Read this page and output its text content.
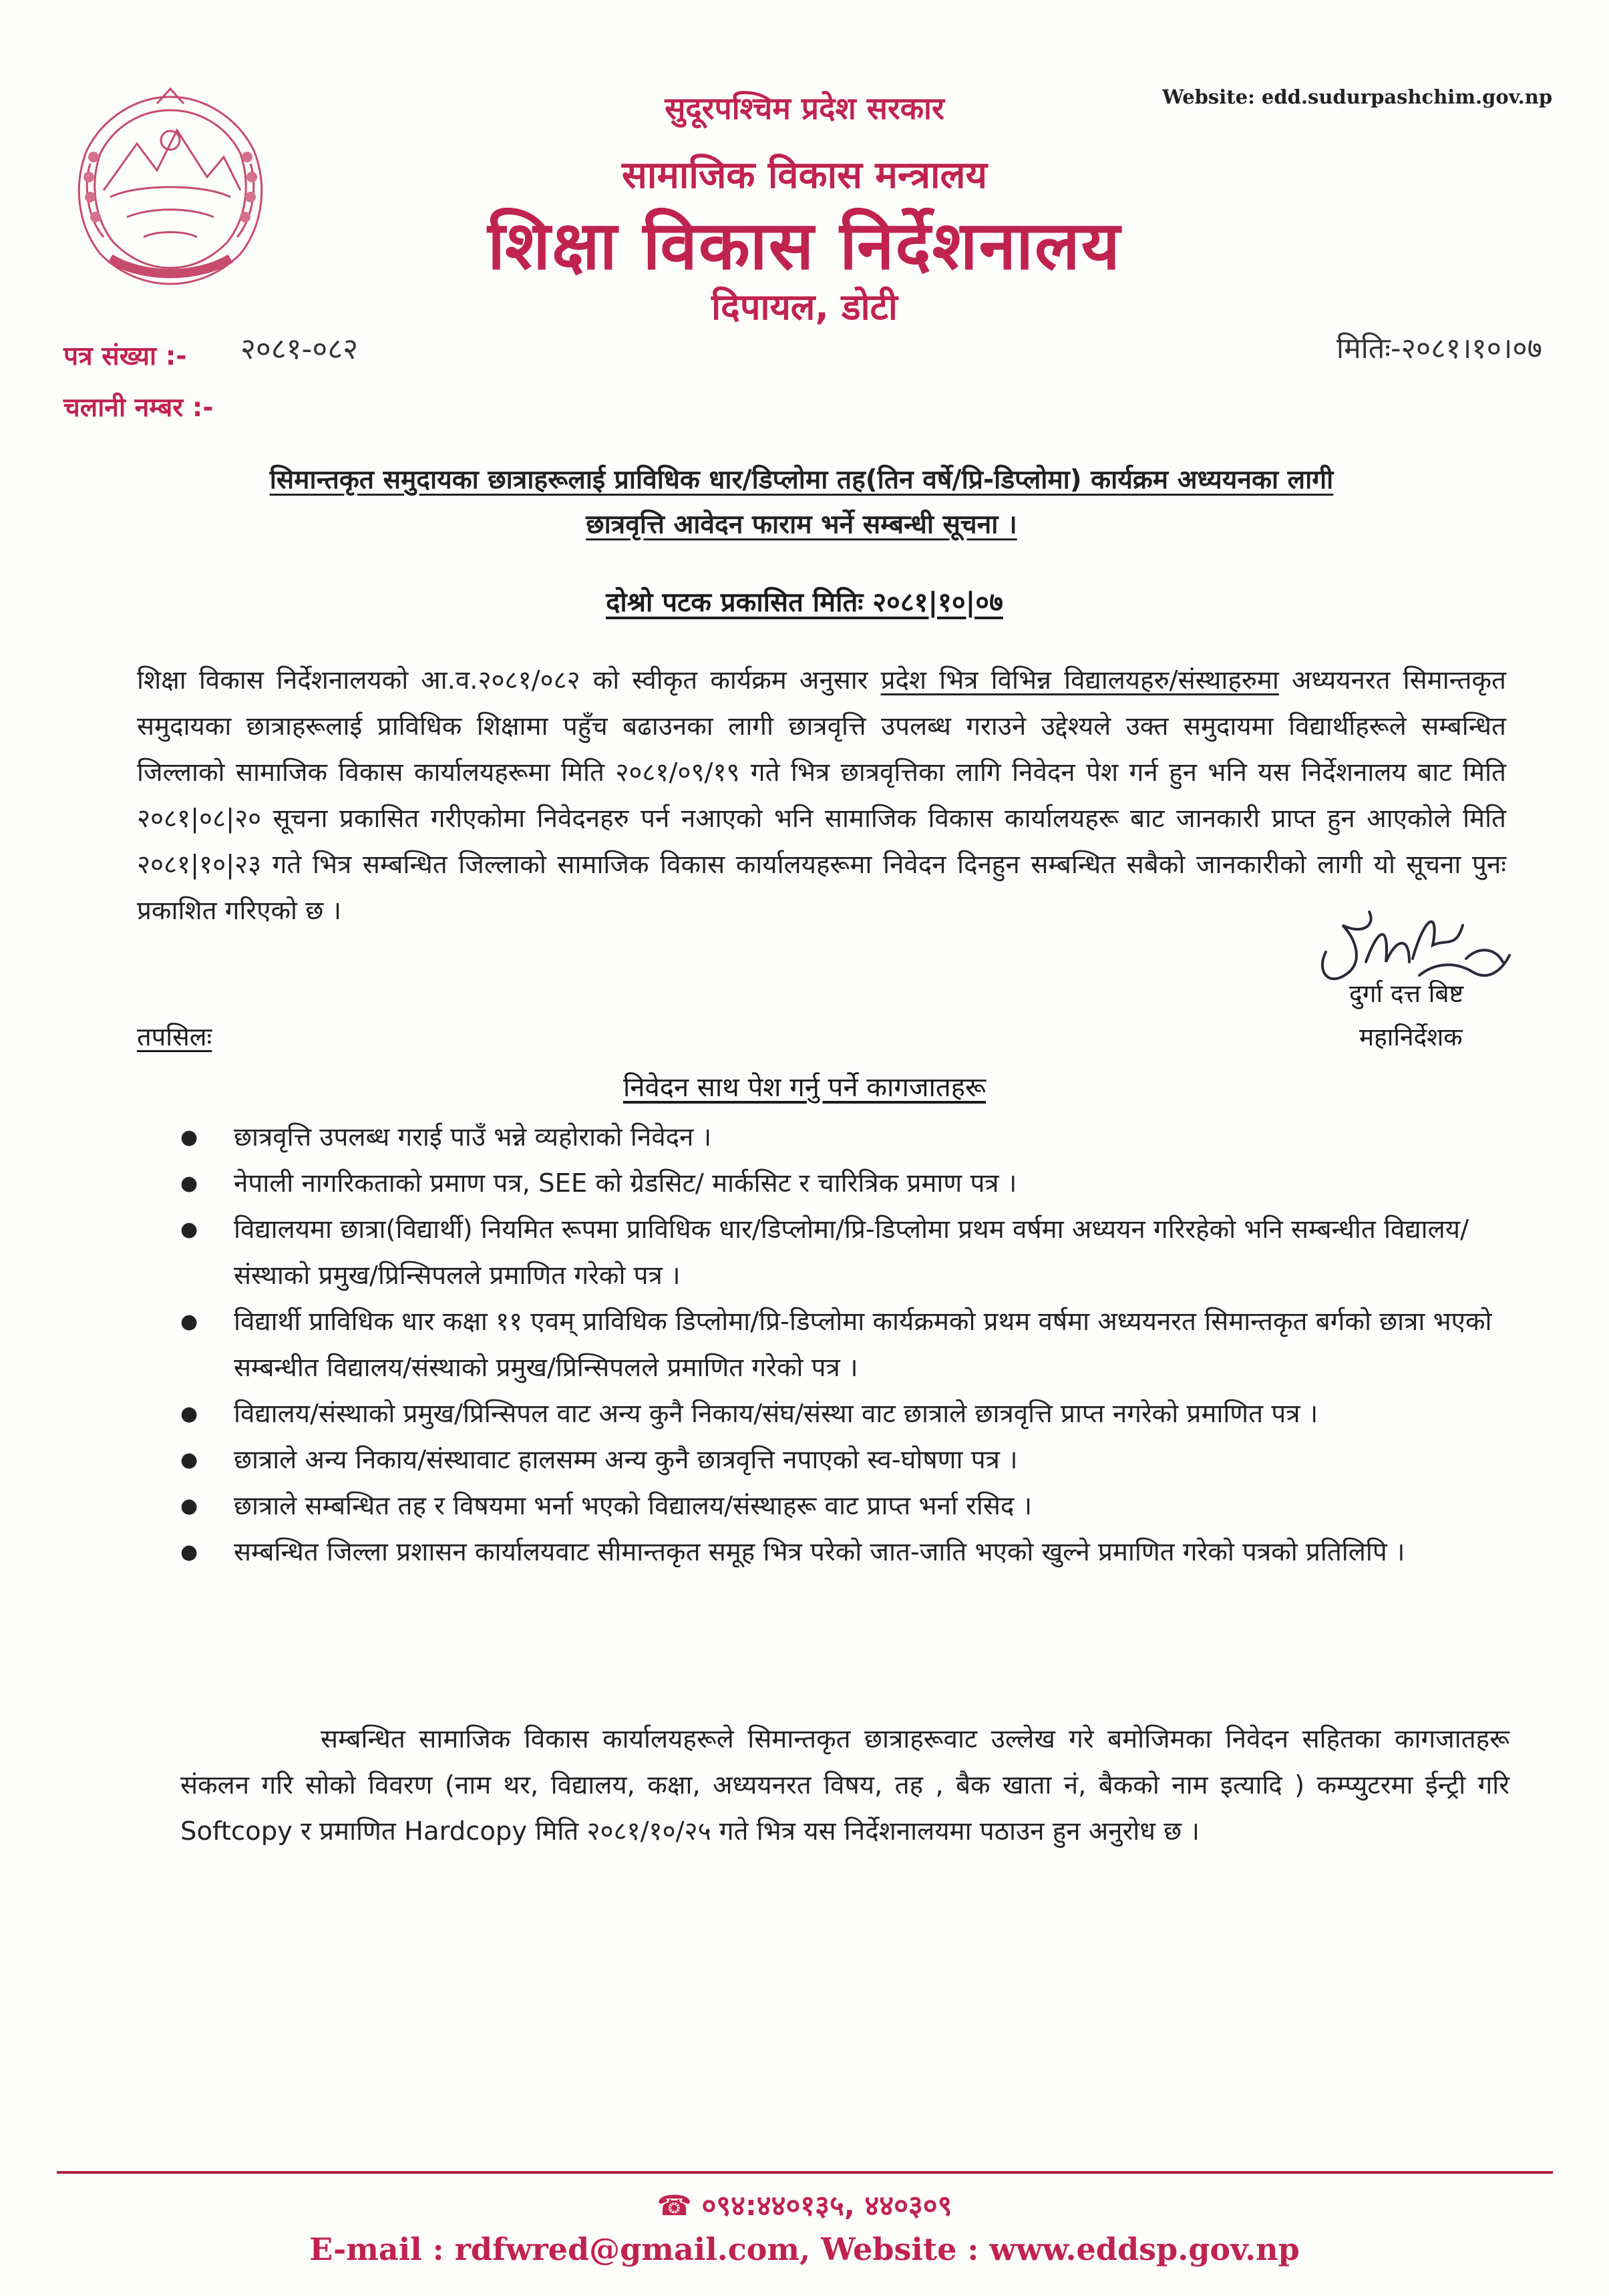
Website: edd.sudurpashchim.gov.np
सुदूरपश्चिम प्रदेश सरकार
सामाजिक विकास मन्त्रालय
शिक्षा विकास निर्देशनालय
दिपायल, डोटी
पत्र संख्या :- २०८१-०८२
चलानी नम्बर :-
मितिः-२०८१।१०।०७
सिमान्तकृत समुदायका छात्राहरूलाई प्राविधिक धार/डिप्लोमा तह(तिन वर्षे/प्रि-डिप्लोमा) कार्यक्रम अध्ययनका लागी
छात्रवृत्ति आवेदन फाराम भर्ने सम्बन्धी सूचना ।
दोश्रो पटक प्रकासित मितिः २०८१|१०|०७

शिक्षा विकास निर्देशनालयको आ.व.२०८१/०८२ को स्वीकृत कार्यक्रम अनुसार प्रदेश भित्र विभिन्न विद्यालयहरु/संस्थाहरुमा अध्ययनरत सिमान्तकृत समुदायका छात्राहरूलाई प्राविधिक शिक्षामा पहुँच बढाउनका लागी छात्रवृत्ति उपलब्ध गराउने उद्देश्यले उक्त समुदायमा विद्यार्थीहरूले सम्बन्धित जिल्लाको सामाजिक विकास कार्यालयहरूमा मिति २०८१/०९/१९ गते भित्र छात्रवृत्तिका लागि निवेदन पेश गर्न हुन भनि यस निर्देशनालय बाट मिति २०८१|०८|२० सूचना प्रकासित गरीएकोमा निवेदनहरु पर्न नआएको भनि सामाजिक विकास कार्यालयहरू बाट जानकारी प्राप्त हुन आएकोले मिति २०८१|१०|२३ गते भित्र सम्बन्धित जिल्लाको सामाजिक विकास कार्यालयहरूमा निवेदन दिनहुन सम्बन्धित सबैको जानकारीको लागी यो सूचना पुनः प्रकाशित गरिएको छ ।

दुर्गा दत्त बिष्ट
महानिर्देशक
तपसिलः
निवेदन साथ पेश गर्नु पर्ने कागजातहरू
● छात्रवृत्ति उपलब्ध गराई पाउँ भन्ने व्यहोराको निवेदन ।
● नेपाली नागरिकताको प्रमाण पत्र, SEE को ग्रेडसिट/ मार्कसिट र चारित्रिक प्रमाण पत्र ।
● विद्यालयमा छात्रा(विद्यार्थी) नियमित रूपमा प्राविधिक धार/डिप्लोमा/प्रि-डिप्लोमा प्रथम वर्षमा अध्ययन गरिरहेको भनि सम्बन्धीत विद्यालय/संस्थाको प्रमुख/प्रिन्सिपलले प्रमाणित गरेको पत्र ।
● विद्यार्थी प्राविधिक धार कक्षा ११ एवम् प्राविधिक डिप्लोमा/प्रि-डिप्लोमा कार्यक्रमको प्रथम वर्षमा अध्ययनरत सिमान्तकृत बर्गको छात्रा भएको सम्बन्धीत विद्यालय/संस्थाको प्रमुख/प्रिन्सिपलले प्रमाणित गरेको पत्र ।
● विद्यालय/संस्थाको प्रमुख/प्रिन्सिपल वाट अन्य कुनै निकाय/संघ/संस्था वाट छात्राले छात्रवृत्ति प्राप्त नगरेको प्रमाणित पत्र ।
● छात्राले अन्य निकाय/संस्थावाट हालसम्म अन्य कुनै छात्रवृत्ति नपाएको स्व-घोषणा पत्र ।
● छात्राले सम्बन्धित तह र विषयमा भर्ना भएको विद्यालय/संस्थाहरू वाट प्राप्त भर्ना रसिद ।
● सम्बन्धित जिल्ला प्रशासन कार्यालयवाट सीमान्तकृत समूह भित्र परेको जात-जाति भएको खुल्ने प्रमाणित गरेको पत्रको प्रतिलिपि ।

सम्बन्धित सामाजिक विकास कार्यालयहरूले सिमान्तकृत छात्राहरूवाट उल्लेख गरे बमोजिमका निवेदन सहितका कागजातहरू संकलन गरि सोको विवरण (नाम थर, विद्यालय, कक्षा, अध्ययनरत विषय, तह , बैक खाता नं, बैकको नाम इत्यादि ) कम्प्युटरमा ईन्ट्री गरि Softcopy र प्रमाणित Hardcopy मिति २०८१/१०/२५ गते भित्र यस निर्देशनालयमा पठाउन हुन अनुरोध छ ।

☎ ०९४:४४०१३५, ४४०३०९
E-mail : rdfwred@gmail.com, Website : www.eddsp.gov.np
